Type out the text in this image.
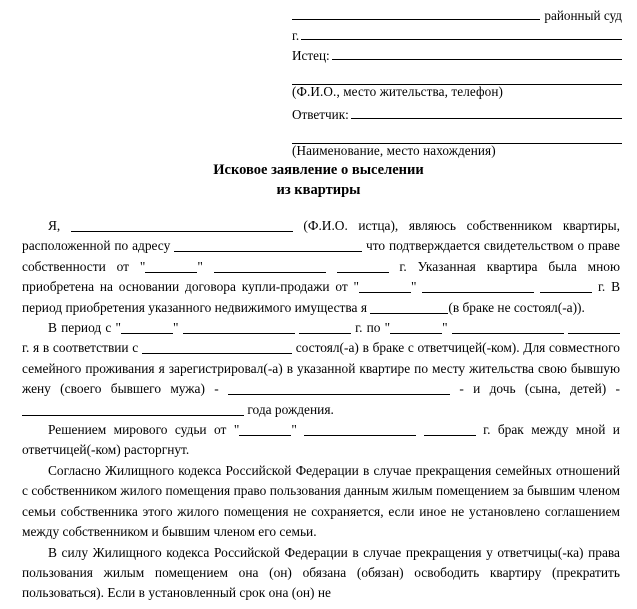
районный суд
г.
Истец:
(Ф.И.О., место жительства, телефон)
Ответчик:
(Наименование, место нахождения)
Исковое заявление о выселении
из квартиры

Я,	(Ф.И.О. истца), являюсь собственником квартиры, расположенной по адресу	что подтверждается свидетельством о праве собственности от "	"	г. Указанная квартира была мною приобретена на основании договора купли-продажи от "	"	г. В период приобретения указанного недвижимого имущества я	(в браке не состоял(-а)).

В период с "	"	г. по "	"   г. я в соответствии с	состоял(-а) в браке с ответчицей(-ком). Для совместного семейного проживания я зарегистрировал(-а) в указанной квартире по месту жительства свою бывшую жену (своего бывшего мужа) -	- и дочь (сына, детей) -  года рождения.

Решением мирового судьи от "	"	г. брак между мной и ответчицей(-ком) расторгнут.

Согласно Жилищного кодекса Российской Федерации в случае прекращения семейных отношений с собственником жилого помещения право пользования данным жилым помещением за бывшим членом семьи собственника этого жилого помещения не сохраняется, если иное не установлено соглашением между собственником и бывшим членом его семьи.

В силу Жилищного кодекса Российской Федерации в случае прекращения у ответчицы(-ка) права пользования жилым помещением она (он) обязана (обязан) освободить квартиру (прекратить пользоваться). Если в установленный срок она (он) не
